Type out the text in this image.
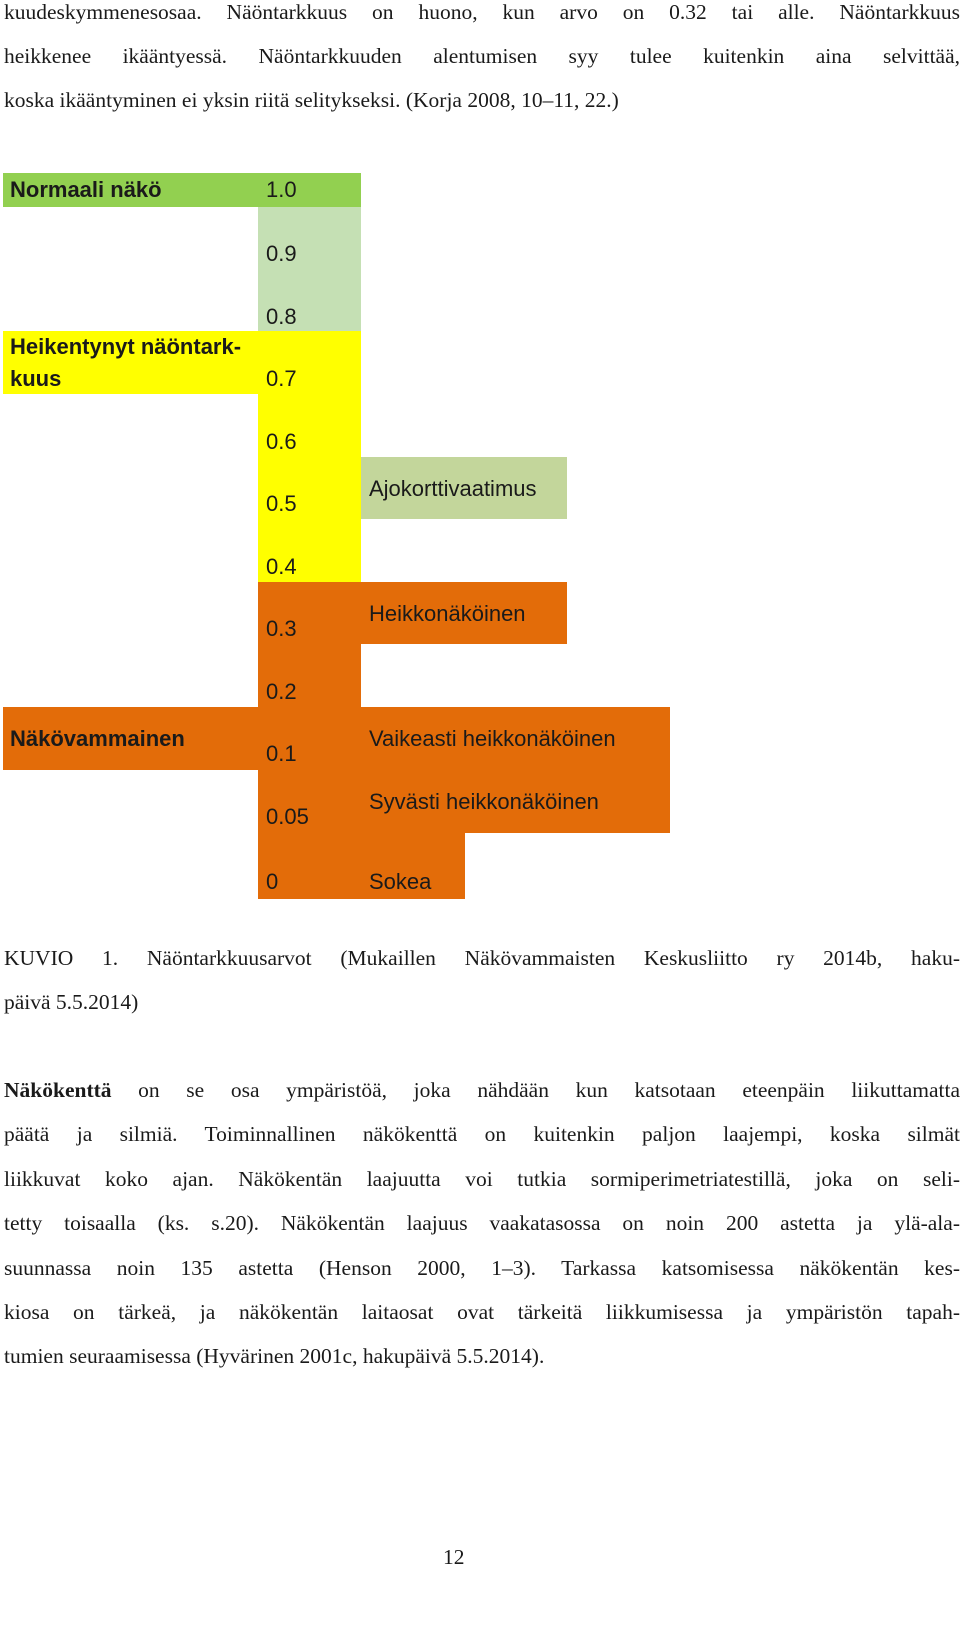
kuudeskymmenesosaa. Näöntarkkuus on huono, kun arvo on 0.32 tai alle. Näöntarkkuus
heikkenee ikääntyessä. Näöntarkkuuden alentumisen syy tulee kuitenkin aina selvittää,
koska ikääntyminen ei yksin riitä selitykseksi. (Korja 2008, 10–11, 22.)
Normaali näkö
Heikentynyt näöntark-
kuus
Näkövammainen
1.0
0.9
0.8
0.7
0.6
0.5
0.4
0.3
0.2
0.1
0.05
0
Ajokorttivaatimus
Heikkonäköinen
Vaikeasti heikkonäköinen
Syvästi heikkonäköinen
Sokea
KUVIO 1. Näöntarkkuusarvot (Mukaillen Näkövammaisten Keskusliitto ry 2014b, haku-
päivä 5.5.2014)
Näkökenttä on se osa ympäristöä, joka nähdään kun katsotaan eteenpäin liikuttamatta
päätä ja silmiä. Toiminnallinen näkökenttä on kuitenkin paljon laajempi, koska silmät
liikkuvat koko ajan. Näkökentän laajuutta voi tutkia sormiperimetriatestillä, joka on seli-
tetty toisaalla (ks. s.20). Näkökentän laajuus vaakatasossa on noin 200 astetta ja ylä-ala-
suunnassa noin 135 astetta (Henson 2000, 1–3). Tarkassa katsomisessa näkökentän kes-
kiosa on tärkeä, ja näkökentän laitaosat ovat tärkeitä liikkumisessa ja ympäristön tapah-
tumien seuraamisessa (Hyvärinen 2001c, hakupäivä 5.5.2014).
12
